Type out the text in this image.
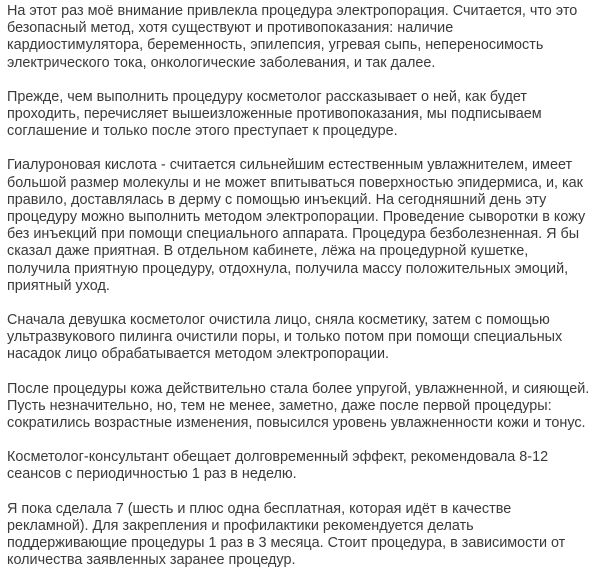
На этот раз моё внимание привлекла процедура электропорация. Считается, что это
безопасный метод, хотя существуют и противопоказания: наличие
кардиостимулятора, беременность, эпилепсия, угревая сыпь, непереносимость
электрического тока, онкологические заболевания, и так далее.

Прежде, чем выполнить процедуру косметолог рассказывает о ней, как будет
проходить, перечисляет вышеизложенные противопоказания, мы подписываем
соглашение и только после этого преступает к процедуре.

Гиалуроновая кислота - считается сильнейшим естественным увлажнителем, имеет
большой размер молекулы и не может впитываться поверхностью эпидермиса, и, как
правило, доставлялась в дерму с помощью инъекций. На сегодняшний день эту
процедуру можно выполнить методом электропорации. Проведение сыворотки в кожу
без инъекций при помощи специального аппарата. Процедура безболезненная. Я бы
сказал даже приятная. В отдельном кабинете, лёжа на процедурной кушетке,
получила приятную процедуру, отдохнула, получила массу положительных эмоций,
приятный уход.

Сначала девушка косметолог очистила лицо, сняла косметику, затем с помощью
ультразвукового пилинга очистили поры, и только потом при помощи специальных
насадок лицо обрабатывается методом электропорации.

После процедуры кожа действительно стала более упругой, увлажненной, и сияющей.
Пусть незначительно, но, тем не менее, заметно, даже после первой процедуры:
сократились возрастные изменения, повысился уровень увлажненности кожи и тонус.

Косметолог-консультант обещает долговременный эффект, рекомендовала 8-12
сеансов с периодичностью 1 раз в неделю.

Я пока сделала 7 (шесть и плюс одна бесплатная, которая идёт в качестве
рекламной). Для закрепления и профилактики рекомендуется делать
поддерживающие процедуры 1 раз в 3 месяца. Стоит процедура, в зависимости от
количества заявленных заранее процедур.
